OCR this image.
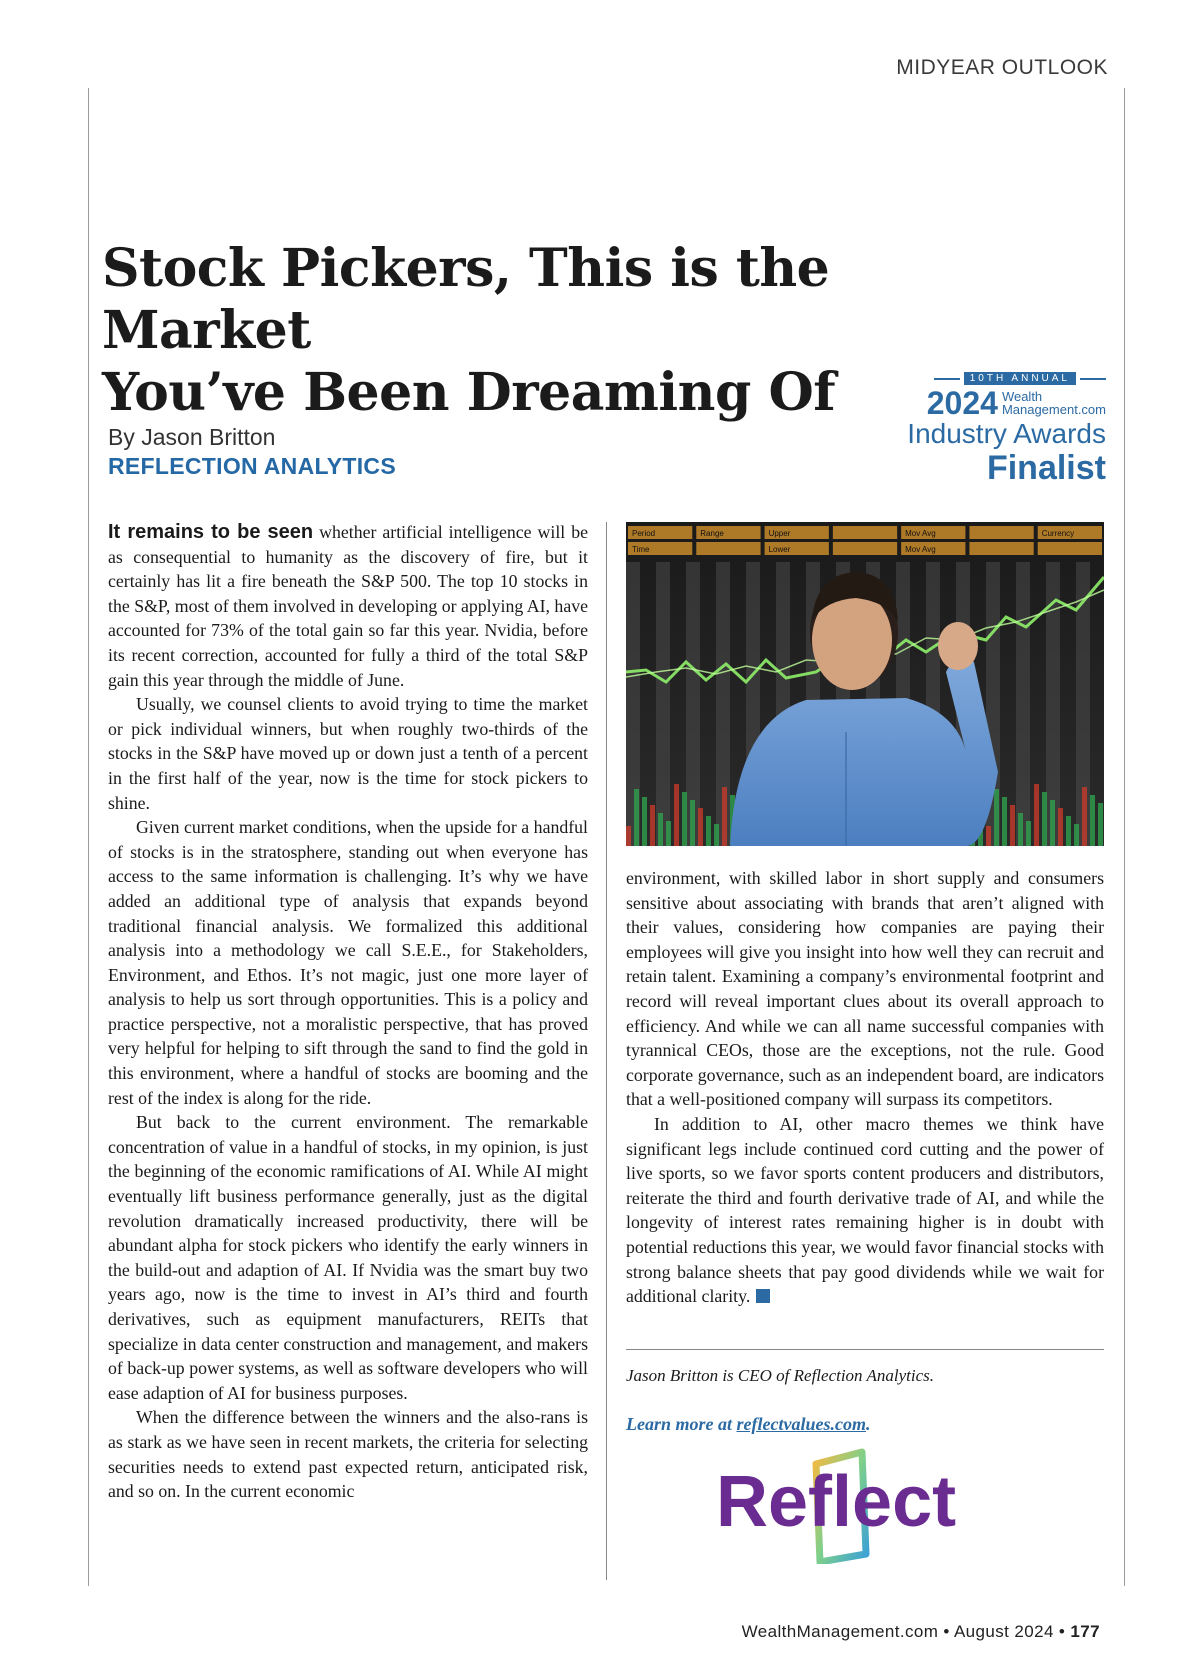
MIDYEAR OUTLOOK
Stock Pickers, This is the Market
You’ve Been Dreaming Of
By Jason Britton
REFLECTION ANALYTICS
10TH ANNUAL
2024 Wealth
Management.com
Industry Awards
Finalist

It remains to be seen whether artificial intelligence will be as consequential to humanity as the discovery of fire, but it certainly has lit a fire beneath the S&P 500. The top 10 stocks in the S&P, most of them involved in developing or applying AI, have accounted for 73% of the total gain so far this year. Nvidia, before its recent correction, accounted for fully a third of the total S&P gain this year through the middle of June.

Usually, we counsel clients to avoid trying to time the market or pick individual winners, but when roughly two-thirds of the stocks in the S&P have moved up or down just a tenth of a percent in the first half of the year, now is the time for stock pickers to shine.

Given current market conditions, when the upside for a handful of stocks is in the stratosphere, standing out when everyone has access to the same information is challenging. It’s why we have added an additional type of analysis that expands beyond traditional financial analysis. We formalized this additional analysis into a methodology we call S.E.E., for Stakeholders, Environment, and Ethos. It’s not magic, just one more layer of analysis to help us sort through opportunities. This is a policy and practice perspective, not a moralistic perspective, that has proved very helpful for helping to sift through the sand to find the gold in this environment, where a handful of stocks are booming and the rest of the index is along for the ride.

But back to the current environment. The remarkable concentration of value in a handful of stocks, in my opinion, is just the beginning of the economic ramifications of AI. While AI might eventually lift business performance generally, just as the digital revolution dramatically increased productivity, there will be abundant alpha for stock pickers who identify the early winners in the build-out and adaption of AI. If Nvidia was the smart buy two years ago, now is the time to invest in AI’s third and fourth derivatives, such as equipment manufacturers, REITs that specialize in data center construction and management, and makers of back-up power systems, as well as software developers who will ease adaption of AI for business purposes.

When the difference between the winners and the also-rans is as stark as we have seen in recent markets, the criteria for selecting securities needs to extend past expected return, anticipated risk, and so on. In the current economic

Period
Time
Range	Upper
Lower
Mov Avg
Mov Avg
Currency

environment, with skilled labor in short supply and consumers sensitive about associating with brands that aren’t aligned with their values, considering how companies are paying their employees will give you insight into how well they can recruit and retain talent. Examining a company’s environmental footprint and record will reveal important clues about its overall approach to efficiency. And while we can all name successful companies with tyrannical CEOs, those are the exceptions, not the rule. Good corporate governance, such as an independent board, are indicators that a well-positioned company will surpass its competitors.

In addition to AI, other macro themes we think have significant legs include continued cord cutting and the power of live sports, so we favor sports content producers and distributors, reiterate the third and fourth derivative trade of AI, and while the longevity of interest rates remaining higher is in doubt with potential reductions this year, we would favor financial stocks with strong balance sheets that pay good dividends while we wait for additional clarity.

Jason Britton is CEO of Reflection Analytics.
Learn more at reflectvalues.com.
Reflect
WealthManagement.com • August 2024 • 177
